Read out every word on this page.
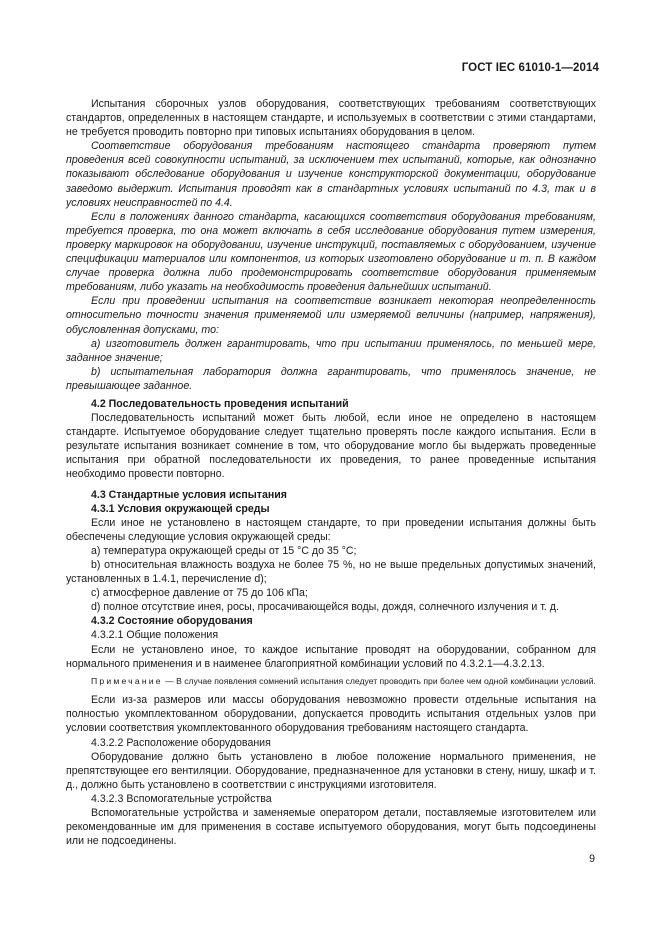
ГОСТ IEC 61010-1—2014

Испытания сборочных узлов оборудования, соответствующих требованиям соответствующих стандартов, определенных в настоящем стандарте, и используемых в соответствии с этими стандартами, не требуется проводить повторно при типовых испытаниях оборудования в целом.

Соответствие оборудования требованиям настоящего стандарта проверяют путем проведения всей совокупности испытаний, за исключением тех испытаний, которые, как однозначно показывают обследование оборудования и изучение конструкторской документации, оборудование заведомо выдержит. Испытания проводят как в стандартных условиях испытаний по 4.3, так и в условиях неисправностей по 4.4.

Если в положениях данного стандарта, касающихся соответствия оборудования требованиям, требуется проверка, то она может включать в себя исследование оборудования путем измерения, проверку маркировок на оборудовании, изучение инструкций, поставляемых с оборудованием, изучение спецификации материалов или компонентов, из которых изготовлено оборудование и т. п. В каждом случае проверка должна либо продемонстрировать соответствие оборудования применяемым требованиям, либо указать на необходимость проведения дальнейших испытаний.

Если при проведении испытания на соответствие возникает некоторая неопределенность относительно точности значения применяемой или измеряемой величины (например, напряжения), обусловленная допусками, то:

a) изготовитель должен гарантировать, что при испытании применялось, по меньшей мере, заданное значение;

b) испытательная лаборатория должна гарантировать, что применялось значение, не превышающее заданное.

4.2 Последовательность проведения испытаний

Последовательность испытаний может быть любой, если иное не определено в настоящем стандарте. Испытуемое оборудование следует тщательно проверять после каждого испытания. Если в результате испытания возникает сомнение в том, что оборудование могло бы выдержать проведенные испытания при обратной последовательности их проведения, то ранее проведенные испытания необходимо провести повторно.

4.3 Стандартные условия испытания
4.3.1 Условия окружающей среды

Если иное не установлено в настоящем стандарте, то при проведении испытания должны быть обеспечены следующие условия окружающей среды:

a) температура окружающей среды от 15 °C до 35 °C;

b) относительная влажность воздуха не более 75 %, но не выше предельных допустимых значений, установленных в 1.4.1, перечисление d);

c) атмосферное давление от 75 до 106 кПа;

d) полное отсутствие инея, росы, просачивающейся воды, дождя, солнечного излучения и т. д.

4.3.2 Состояние оборудования

4.3.2.1 Общие положения

Если не установлено иное, то каждое испытание проводят на оборудовании, собранном для нормального применения и в наименее благоприятной комбинации условий по 4.3.2.1—4.3.2.13.

Примечание — В случае появления сомнений испытания следует проводить при более чем одной комбинации условий.

Если из-за размеров или массы оборудования невозможно провести отдельные испытания на полностью укомплектованном оборудовании, допускается проводить испытания отдельных узлов при условии соответствия укомплектованного оборудования требованиям настоящего стандарта.

4.3.2.2 Расположение оборудования

Оборудование должно быть установлено в любое положение нормального применения, не препятствующее его вентиляции. Оборудование, предназначенное для установки в стену, нишу, шкаф и т. д., должно быть установлено в соответствии с инструкциями изготовителя.

4.3.2.3 Вспомогательные устройства

Вспомогательные устройства и заменяемые оператором детали, поставляемые изготовителем или рекомендованные им для применения в составе испытуемого оборудования, могут быть подсоединены или не подсоединены.

9
